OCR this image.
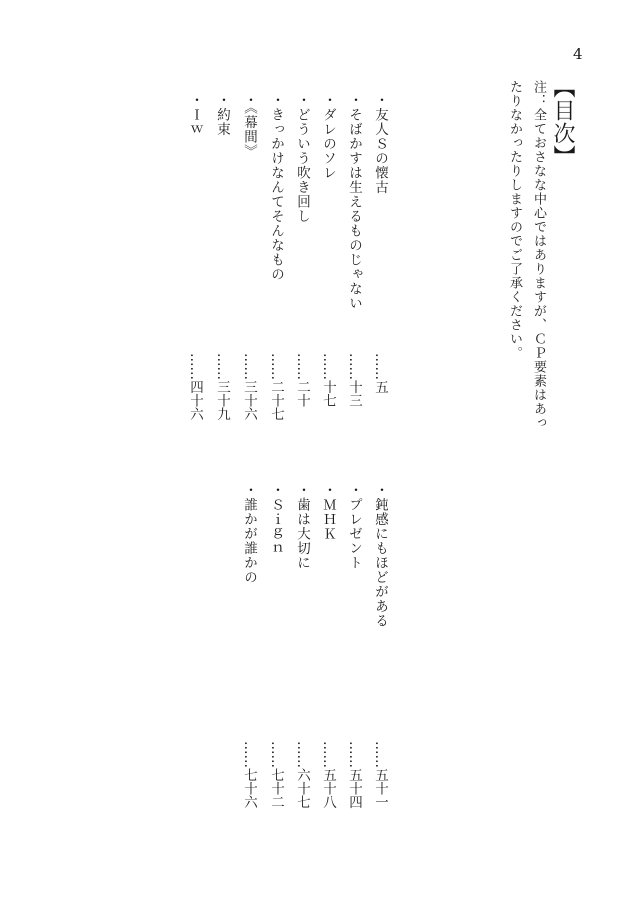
4
【目次】
注：全ておさなな中心ではありますが、ＣＰ要素はあったりなかったりしますのでご了承ください。
・友人Ｓの懐古
……五
・そばかすは生えるものじゃない
……十三
・ダレのソレ
……十七
・どういう吹き回し
……二十
・きっかけなんてそんなもの
……二十七
・《幕間》
……三十六
・約束
……三十九
・Ｉｗ
……四十六
・鈍感にもほどがある
……五十一
・プレゼント
……五十四
・ＭＨＫ
……五十八
・歯は大切に
……六十七
・Ｓｉｇｎ
……七十二
・誰かが誰かの
……七十六
